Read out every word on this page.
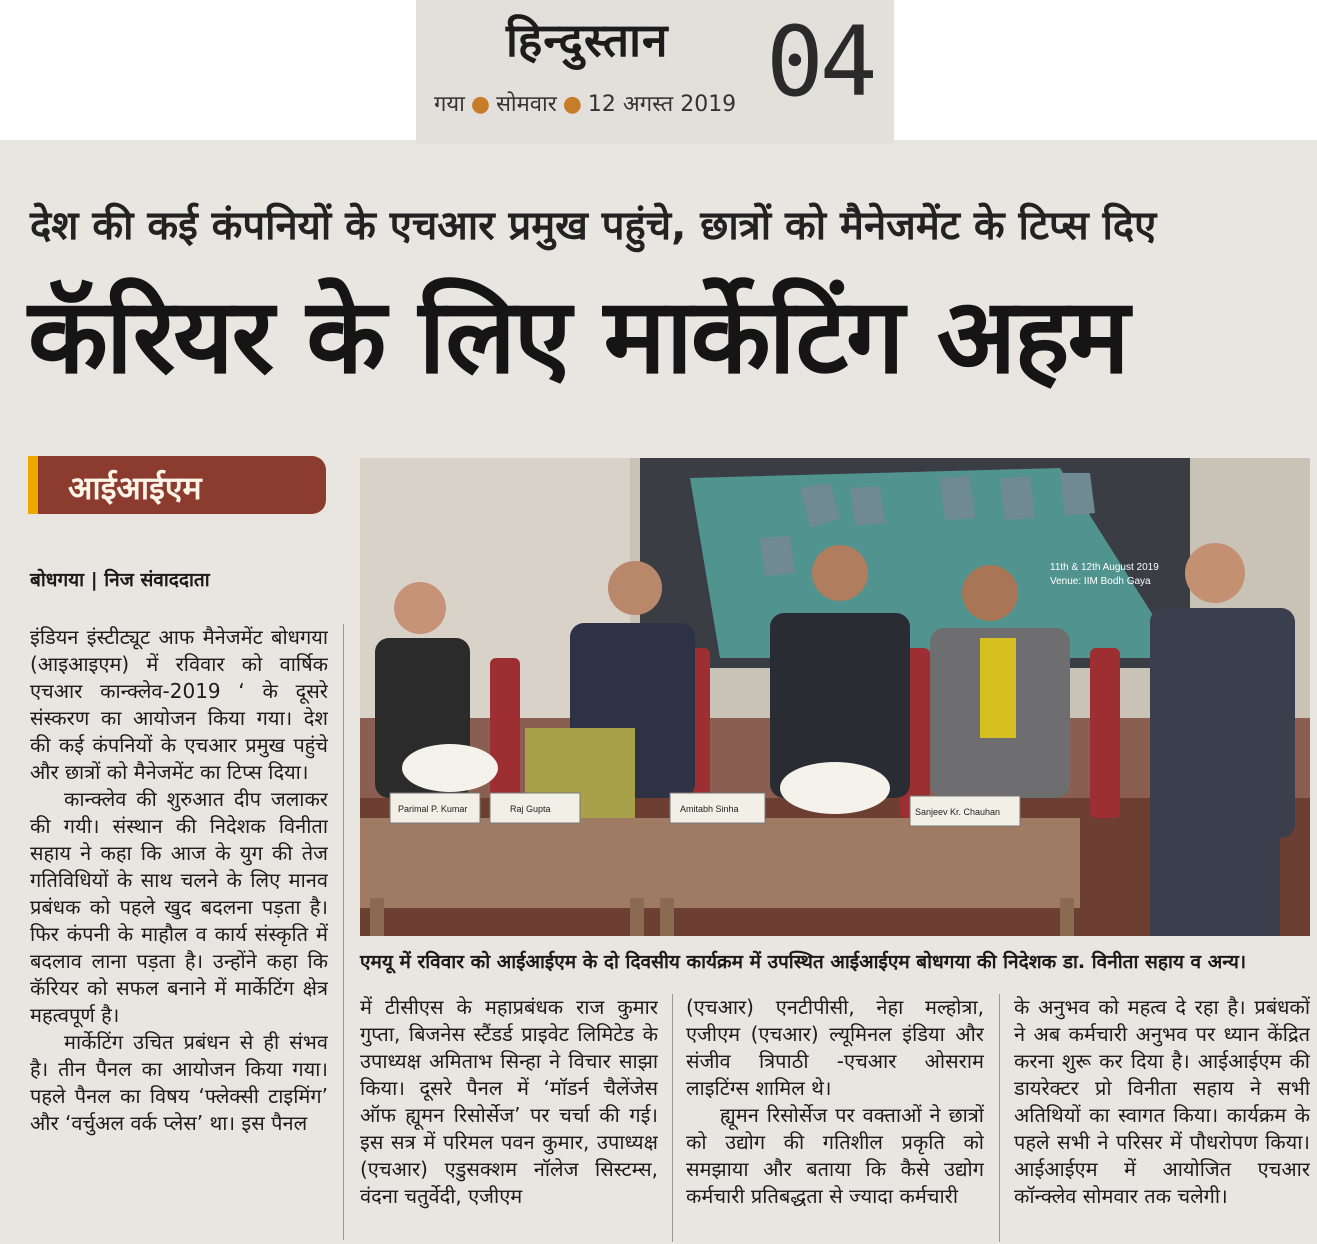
हिन्दुस्तान
गया ● सोमवार ● 12 अगस्त 2019 04
देश की कई कंपनियों के एचआर प्रमुख पहुंचे, छात्रों को मैनेजमेंट के टिप्स दिए
कॅरियर के लिए मार्केटिंग अहम
आईआईएम
बोधगया | निज संवाददाता

इंडियन इंस्टीट्यूट आफ मैनेजमेंट बोधगया (आइआइएम) में रविवार को वार्षिक एचआर कान्क्लेव-2019 ‘ के दूसरे संस्करण का आयोजन किया गया। देश की कई कंपनियों के एचआर प्रमुख पहुंचे और छात्रों को मैनेजमेंट का टिप्स दिया।

कान्क्लेव की शुरुआत दीप जलाकर की गयी। संस्थान की निदेशक विनीता सहाय ने कहा कि आज के युग की तेज गतिविधियों के साथ चलने के लिए मानव प्रबंधक को पहले खुद बदलना पड़ता है। फिर कंपनी के माहौल व कार्य संस्कृति में बदलाव लाना पड़ता है। उन्होंने कहा कि कॅरियर को सफल बनाने में मार्केटिंग क्षेत्र महत्वपूर्ण है।

मार्केटिंग उचित प्रबंधन से ही संभव है। तीन पैनल का आयोजन किया गया। पहले पैनल का विषय ‘फ्लेक्सी टाइमिंग’ और ‘वर्चुअल वर्क प्लेस’ था। इस पैनल

11th & 12th August 2019
Venue: IIM Bodh Gaya
Parimal P. Kumar	Raj Gupta	Amitabh Sinha	Sanjeev Kr. Chauhan
एमयू में रविवार को आईआईएम के दो दिवसीय कार्यक्रम में उपस्थित आईआईएम बोधगया की निदेशक डा. विनीता सहाय व अन्य।

में टीसीएस के महाप्रबंधक राज कुमार गुप्ता, बिजनेस स्टैंडर्ड प्राइवेट लिमिटेड के उपाध्यक्ष अमिताभ सिन्हा ने विचार साझा किया। दूसरे पैनल में ‘मॉडर्न चैलेंजेस ऑफ ह्यूमन रिसोर्सेज’ पर चर्चा की गई। इस सत्र में परिमल पवन कुमार, उपाध्यक्ष (एचआर) एडुसक्शम नॉलेज सिस्टम्स, वंदना चतुर्वेदी, एजीएम

(एचआर) एनटीपीसी, नेहा मल्होत्रा, एजीएम (एचआर) ल्यूमिनल इंडिया और संजीव त्रिपाठी -एचआर ओसराम लाइटिंग्स शामिल थे।

ह्यूमन रिसोर्सेज पर वक्ताओं ने छात्रों को उद्योग की गतिशील प्रकृति को समझाया और बताया कि कैसे उद्योग कर्मचारी प्रतिबद्धता से ज्यादा कर्मचारी

के अनुभव को महत्व दे रहा है। प्रबंधकों ने अब कर्मचारी अनुभव पर ध्यान केंद्रित करना शुरू कर दिया है। आईआईएम की डायरेक्टर प्रो विनीता सहाय ने सभी अतिथियों का स्वागत किया। कार्यक्रम के पहले सभी ने परिसर में पौधरोपण किया। आईआईएम में आयोजित एचआर कॉन्क्लेव सोमवार तक चलेगी।
